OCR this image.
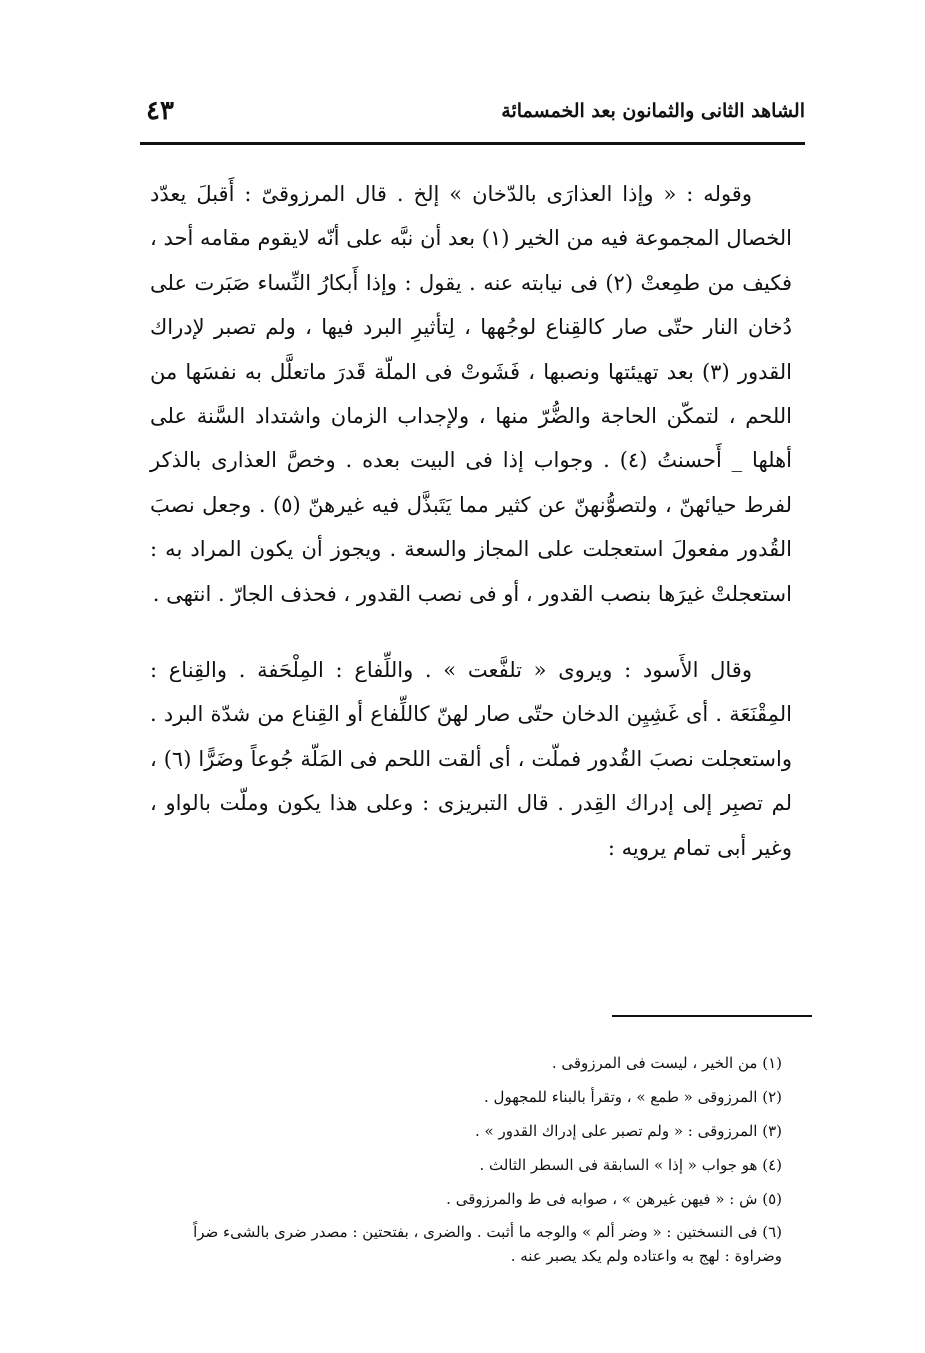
الشاهد الثانى والثمانون بعد الخمسمائة
٤٣

وقوله : « وإذا العذارَى بالدّخان » إلخ . قال المرزوقىّ : أَقبلَ يعدّد الخصال المجموعة فيه من الخير (١) بعد أن نبَّه على أنّه لايقوم مقامه أحد ، فكيف من طمِعتْ (٢) فى نيابته عنه . يقول : وإذا أَبكارُ النِّساء صَبَرت على دُخان النار حتّى صار كالقِناع لوجُهها ، لِتأثيرِ البرد فيها ، ولم تصبر لإدراك القدور (٣) بعد تهيئتها ونصبها ، فَشَوتْ فى الملّة قَدرَ ماتعلَّل به نفسَها من اللحم ، لتمكّن الحاجة والضُّرّ منها ، ولإجداب الزمان واشتداد السَّنة على أهلها _ أَحسنتُ (٤) . وجواب إذا فى البيت بعده . وخصَّ العذارى بالذكر لفرط حيائهنّ ، ولتصوُّنهنّ عن كثير مما يَتَبذَّل فيه غيرهنّ (٥) . وجعل نصبَ القُدور مفعولَ استعجلت على المجاز والسعة . ويجوز أن يكون المراد به : استعجلتْ غيرَها بنصب القدور ، أو فى نصب القدور ، فحذف الجارّ . انتهى .

وقال الأَسود : ويروى « تلفَّعت » . واللِّفاع : المِلْحَفة . والقِناع : المِقْنَعَة . أى غَشِيِن الدخان حتّى صار لهنّ كاللِّفاع أو القِناع من شدّة البرد . واستعجلت نصبَ القُدور فملّت ، أى ألقت اللحم فى المَلّة جُوعاً وضَرًّا (٦) ، لم تصبِر إلى إدراك القِدر . قال التبريزى : وعلى هذا يكون وملّت بالواو ، وغير أبى تمام يرويه :

(١) من الخير ، ليست فى المرزوقى .
(٢) المرزوقى « طمع » ، وتقرأ بالبناء للمجهول .
(٣) المرزوقى : « ولم تصبر على إدراك القدور » .
(٤) هو جواب « إذا » السابقة فى السطر الثالث .
(٥) ش : « فيهن غيرهن » ، صوابه فى ط والمرزوقى .
(٦) فى النسختين : « وضر ألم » والوجه ما أثبت . والضرى ، بفتحتين : مصدر ضرى بالشىء ضراً وضراوة : لهج به واعتاده ولم يكد يصبر عنه .
